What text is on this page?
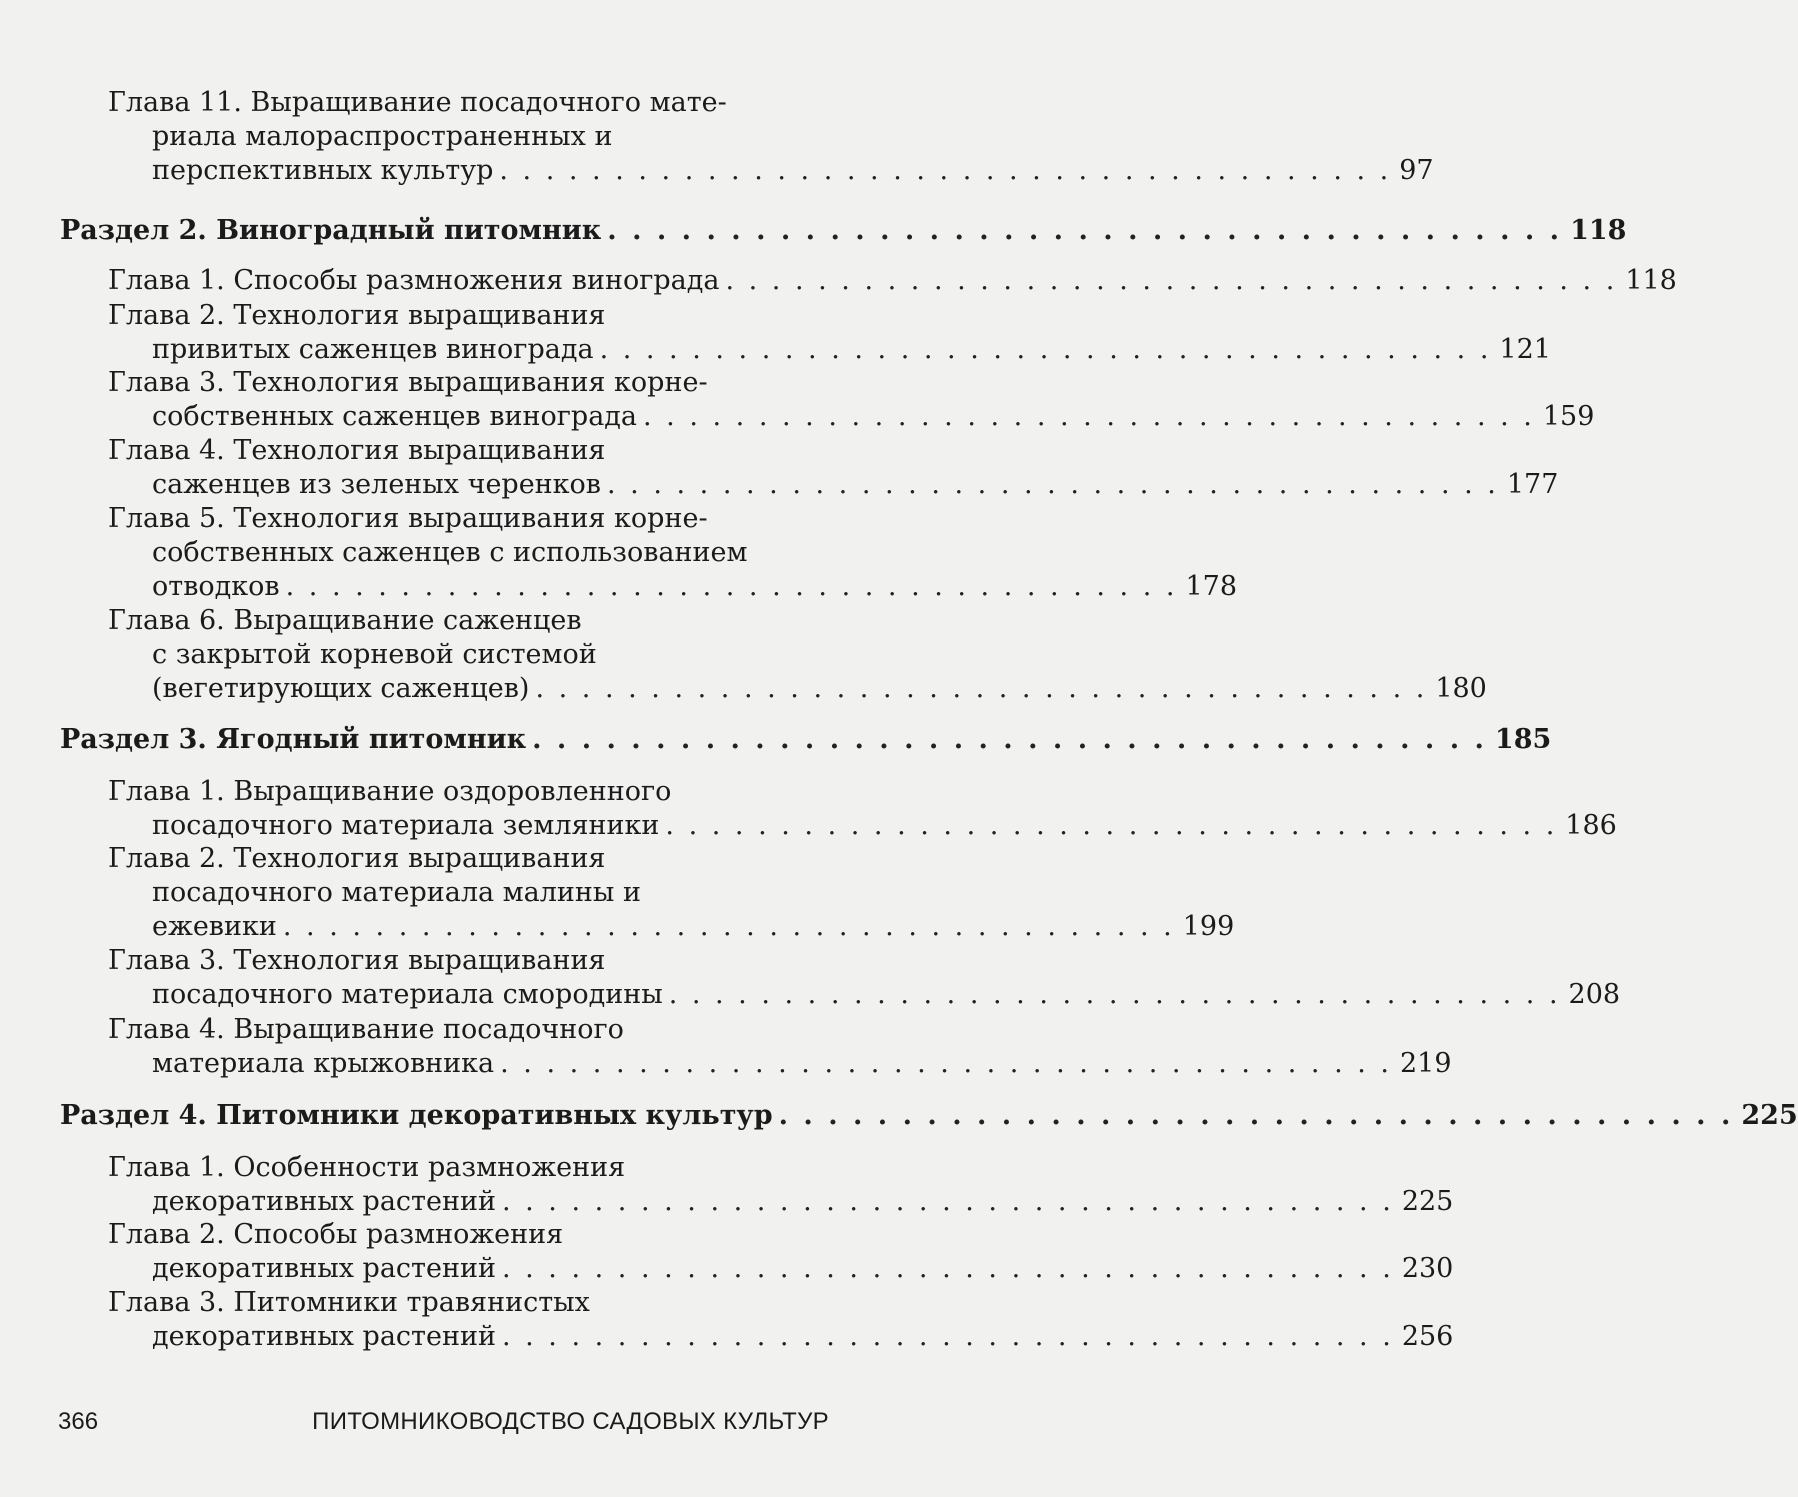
Глава 11. Выращивание посадочного мате-
риала малораспространенных и
перспективных культур . . . . . . . . . . . . . . . . . . . . . . . . . . . . . . . . . . . . . . . 97
Раздел 2. Виноградный питомник . . . . . . . . . . . . . . . . . . . . . . . . . . . . . . . . . . . . . . . 118
Глава 1. Способы размножения винограда . . . . . . . . . . . . . . . . . . . . . . . . . . . . . . . . . . . . . . . 118
Глава 2. Технология выращивания
привитых саженцев винограда . . . . . . . . . . . . . . . . . . . . . . . . . . . . . . . . . . . . . . . 121
Глава 3. Технология выращивания корне-
собственных саженцев винограда . . . . . . . . . . . . . . . . . . . . . . . . . . . . . . . . . . . . . . . 159
Глава 4. Технология выращивания
саженцев из зеленых черенков . . . . . . . . . . . . . . . . . . . . . . . . . . . . . . . . . . . . . . . 177
Глава 5. Технология выращивания корне-
собственных саженцев с использованием
отводков . . . . . . . . . . . . . . . . . . . . . . . . . . . . . . . . . . . . . . . 178
Глава 6. Выращивание саженцев
с закрытой корневой системой
(вегетирующих саженцев) . . . . . . . . . . . . . . . . . . . . . . . . . . . . . . . . . . . . . . . 180
Раздел 3. Ягодный питомник . . . . . . . . . . . . . . . . . . . . . . . . . . . . . . . . . . . . . . . 185
Глава 1. Выращивание оздоровленного
посадочного материала земляники . . . . . . . . . . . . . . . . . . . . . . . . . . . . . . . . . . . . . . . 186
Глава 2. Технология выращивания
посадочного материала малины и
ежевики . . . . . . . . . . . . . . . . . . . . . . . . . . . . . . . . . . . . . . . 199
Глава 3. Технология выращивания
посадочного материала смородины . . . . . . . . . . . . . . . . . . . . . . . . . . . . . . . . . . . . . . . 208
Глава 4. Выращивание посадочного
материала крыжовника . . . . . . . . . . . . . . . . . . . . . . . . . . . . . . . . . . . . . . . 219
Раздел 4. Питомники декоративных культур . . . . . . . . . . . . . . . . . . . . . . . . . . . . . . . . . . . . . . . 225
Глава 1. Особенности размножения
декоративных растений . . . . . . . . . . . . . . . . . . . . . . . . . . . . . . . . . . . . . . . 225
Глава 2. Способы размножения
декоративных растений . . . . . . . . . . . . . . . . . . . . . . . . . . . . . . . . . . . . . . . 230
Глава 3. Питомники травянистых
декоративных растений . . . . . . . . . . . . . . . . . . . . . . . . . . . . . . . . . . . . . . . 256
366	ПИТОМНИКОВОДСТВО САДОВЫХ КУЛЬТУР
